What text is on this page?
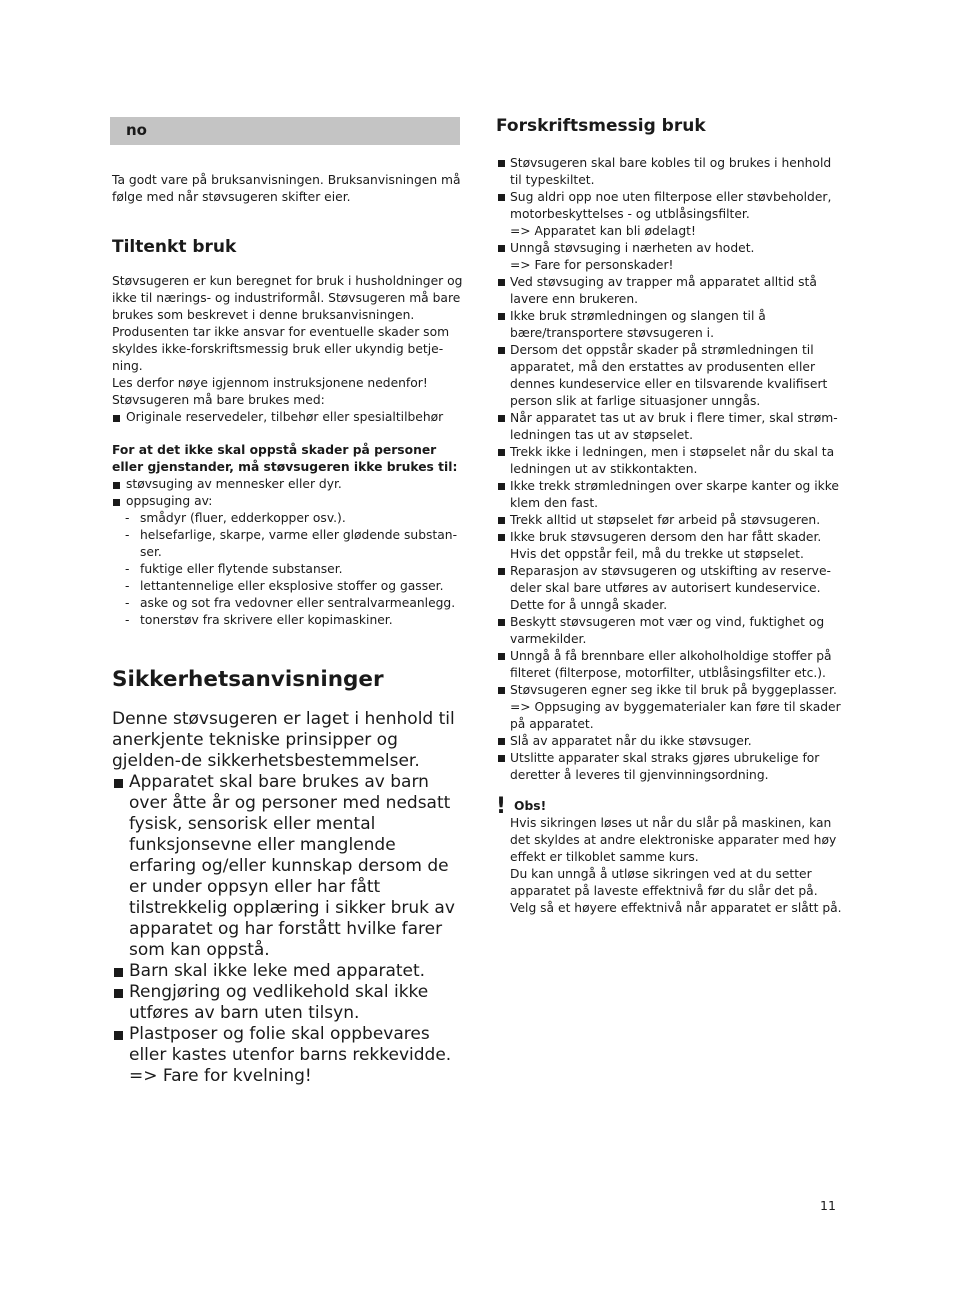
no

Ta godt vare på bruksanvisningen. Bruksanvisningen må følge med når støvsugeren skifter eier.

Tiltenkt bruk

Støvsugeren er kun beregnet for bruk i husholdninger og ikke til nærings- og industriformål. Støvsugeren må bare brukes som beskrevet i denne bruksanvisningen. Produsenten tar ikke ansvar for eventuelle skader som skyldes ikke-forskriftsmessig bruk eller ukyndig betje-ning.

Les derfor nøye igjennom instruksjonene nedenfor!

Støvsugeren må bare brukes med:

Originale reservedeler, tilbehør eller spesialtilbehør

For at det ikke skal oppstå skader på personer eller gjenstander, må støvsugeren ikke brukes til:

støvsuging av mennesker eller dyr.
oppsuging av:
- smådyr (fluer, edderkopper osv.).
- helsefarlige, skarpe, varme eller glødende substan-ser.
- fuktige eller flytende substanser.
- lettantennelige eller eksplosive stoffer og gasser.
- aske og sot fra vedovner eller sentralvarmeanlegg.
- tonerstøv fra skrivere eller kopimaskiner.
Sikkerhetsanvisninger

Denne støvsugeren er laget i henhold til anerkjente tekniske prinsipper og gjelden-de sikkerhetsbestemmelser.

Apparatet skal bare brukes av barn over åtte år og personer med nedsatt fysisk, sensorisk eller mental funksjonsevne eller manglende erfaring og/eller kunnskap dersom de er under oppsyn eller har fått tilstrekkelig opplæring i sikker bruk av apparatet og har forstått hvilke farer som kan oppstå.
Barn skal ikke leke med apparatet.
Rengjøring og vedlikehold skal ikke utføres av barn uten tilsyn.
Plastposer og folie skal oppbevares eller kastes utenfor barns rekkevidde.
=> Fare for kvelning!
Forskriftsmessig bruk
Støvsugeren skal bare kobles til og brukes i henhold til typeskiltet.
Sug aldri opp noe uten filterpose eller støvbeholder, motorbeskyttelses - og utblåsingsfilter.
=> Apparatet kan bli ødelagt!
Unngå støvsuging i nærheten av hodet.
=> Fare for personskader!
Ved støvsuging av trapper må apparatet alltid stå lavere enn brukeren.
Ikke bruk strømledningen og slangen til å bære/transportere støvsugeren i.
Dersom det oppstår skader på strømledningen til apparatet, må den erstattes av produsenten eller dennes kundeservice eller en tilsvarende kvalifisert person slik at farlige situasjoner unngås.
Når apparatet tas ut av bruk i flere timer, skal strøm-ledningen tas ut av støpselet.
Trekk ikke i ledningen, men i støpselet når du skal ta ledningen ut av stikkontakten.
Ikke trekk strømledningen over skarpe kanter og ikke klem den fast.
Trekk alltid ut støpselet før arbeid på støvsugeren.
Ikke bruk støvsugeren dersom den har fått skader. Hvis det oppstår feil, må du trekke ut støpselet.
Reparasjon av støvsugeren og utskifting av reserve-deler skal bare utføres av autorisert kundeservice. Dette for å unngå skader.
Beskytt støvsugeren mot vær og vind, fuktighet og varmekilder.
Unngå å få brennbare eller alkoholholdige stoffer på filteret (filterpose, motorfilter, utblåsingsfilter etc.).
Støvsugeren egner seg ikke til bruk på byggeplasser.
=> Oppsuging av byggematerialer kan føre til skader på apparatet.
Slå av apparatet når du ikke støvsuger.
Utslitte apparater skal straks gjøres ubrukelige for deretter å leveres til gjenvinningsordning.
! Obs!

Hvis sikringen løses ut når du slår på maskinen, kan det skyldes at andre elektroniske apparater med høy effekt er tilkoblet samme kurs.

Du kan unngå å utløse sikringen ved at du setter apparatet på laveste effektnivå før du slår det på. Velg så et høyere effektnivå når apparatet er slått på.

11
